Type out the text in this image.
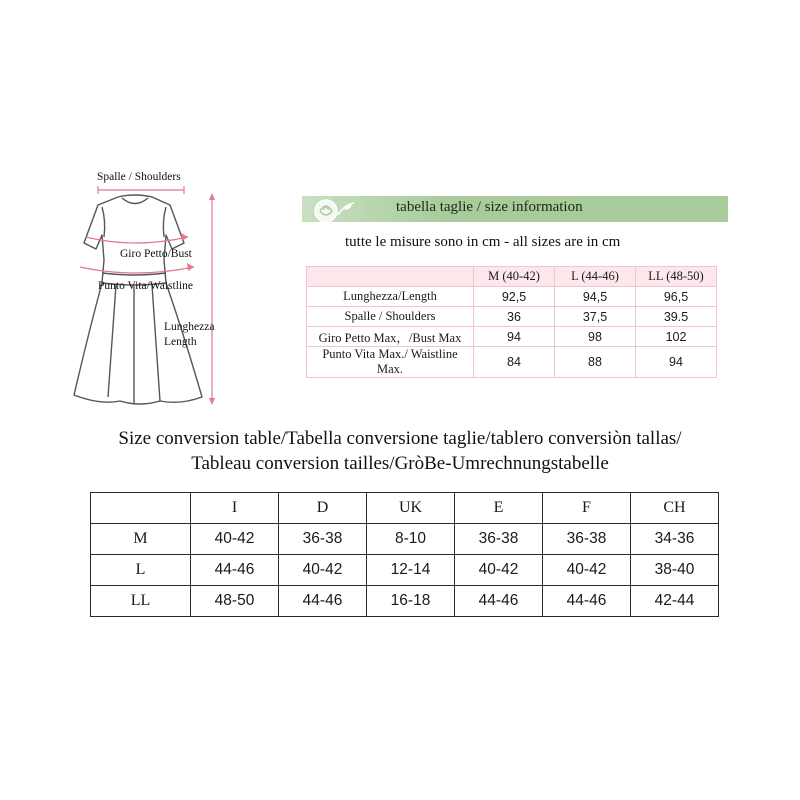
Spalle / Shoulders
Giro Petto/Bust
Punto Vita/Waistline
Lunghezza
Length
tabella taglie / size information
tutte le misure sono in cm - all sizes are in cm
	M (40-42)	L (44-46)	LL (48-50)
Lunghezza/Length	92,5	94,5	96,5
Spalle / Shoulders	36	37,5	39.5
Giro Petto Max，/Bust Max	94	98	102
Punto Vita Max./ Waistline Max.	84	88	94
Size conversion table/Tabella conversione taglie/tablero conversiòn tallas/
Tableau conversion tailles/GròBe-Umrechnungstabelle
	I	D	UK	E	F	CH
M	40-42	36-38	8-10	36-38	36-38	34-36
L	44-46	40-42	12-14	40-42	40-42	38-40
LL	48-50	44-46	16-18	44-46	44-46	42-44
